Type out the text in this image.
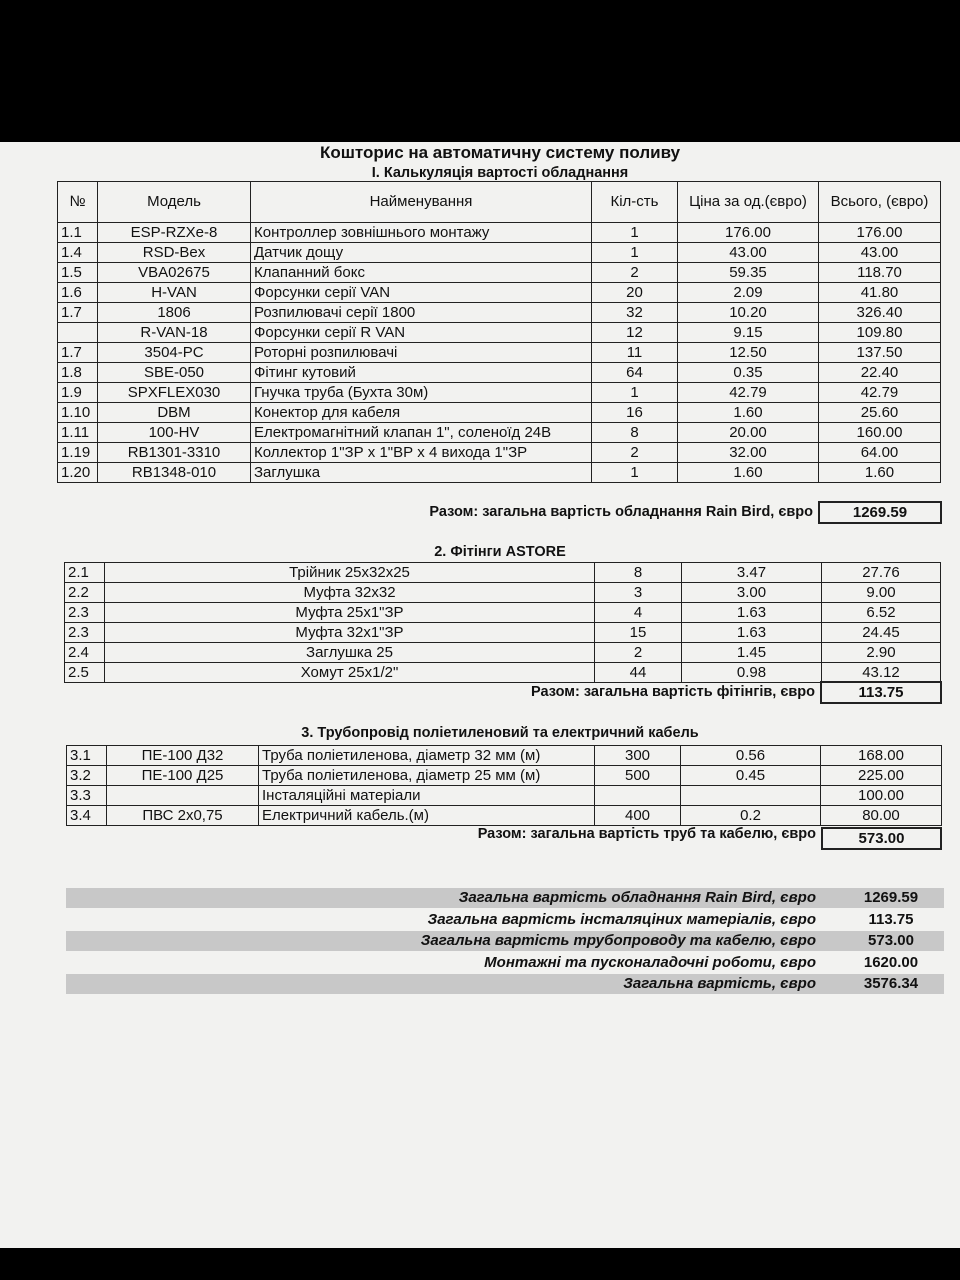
Кошторис на автоматичну систему поливу
I. Калькуляція вартості обладнання
№	Модель	Найменування	Кіл-сть	Ціна за од.(євро)	Всього, (євро)
1.1	ESP-RZXe-8	Контроллер зовнішнього монтажу	1	176.00	176.00
1.4	RSD-Bex	Датчик дощу	1	43.00	43.00
1.5	VBA02675	Клапанний бокс	2	59.35	118.70
1.6	H-VAN	Форсунки серії VAN	20	2.09	41.80
1.7	1806	Розпилювачі серії 1800	32	10.20	326.40
	R-VAN-18	Форсунки серії R VAN	12	9.15	109.80
1.7	3504-PC	Роторні розпилювачі	11	12.50	137.50
1.8	SBE-050	Фітинг кутовий	64	0.35	22.40
1.9	SPXFLEX030	Гнучка труба (Бухта 30м)	1	42.79	42.79
1.10	DBM	Конектор для кабеля	16	1.60	25.60
1.11	100-HV	Електромагнітний клапан 1", соленоїд 24В	8	20.00	160.00
1.19	RB1301-3310	Коллектор 1"ЗР х 1"ВР х 4 вихода 1"ЗР	2	32.00	64.00
1.20	RB1348-010	Заглушка	1	1.60	1.60
Разом: загальна вартість обладнання Rain Bird, євро	1269.59
2. Фітінги ASTORE
2.1	Трійник 25х32х25	8	3.47	27.76
2.2	Муфта 32х32	3	3.00	9.00
2.3	Муфта 25х1"ЗР	4	1.63	6.52
2.3	Муфта 32х1"ЗР	15	1.63	24.45
2.4	Заглушка 25	2	1.45	2.90
2.5	Хомут 25х1/2"	44	0.98	43.12
Разом: загальна вартість фітінгів, євро	113.75
3. Трубопровід поліетиленовий та електричний кабель
3.1	ПЕ-100 Д32	Труба поліетиленова, діаметр 32 мм (м)	300	0.56	168.00
3.2	ПЕ-100 Д25	Труба поліетиленова, діаметр 25 мм (м)	500	0.45	225.00
3.3		Інсталяційні матеріали			100.00
3.4	ПВС 2х0,75	Електричний кабель.(м)	400	0.2	80.00
Разом: загальна вартість труб та кабелю, євро	573.00
Загальна вартість обладнання Rain Bird, євро	1269.59
Загальна вартість інсталяціних матеріалів, євро	113.75
Загальна вартість трубопроводу та кабелю, євро	573.00
Монтажні та пусконаладочні роботи, євро	1620.00
Загальна вартість, євро	3576.34
